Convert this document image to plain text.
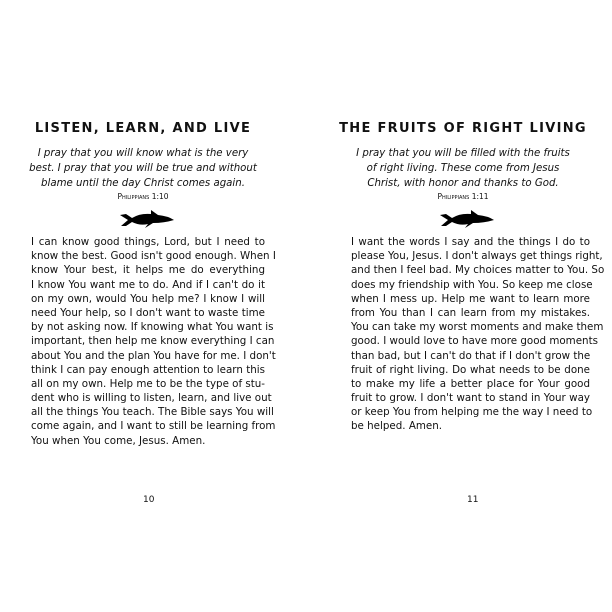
LISTEN, LEARN, AND LIVE
I pray that you will know what is the very
best. I pray that you will be true and without
blame until the day Christ comes again.
Philippians 1:10
I can know good things, Lord, but I need to
know the best. Good isn't good enough. When I
know Your best, it helps me do everything
I know You want me to do. And if I can't do it
on my own, would You help me? I know I will
need Your help, so I don't want to waste time
by not asking now. If knowing what You want is
important, then help me know everything I can
about You and the plan You have for me. I don't
think I can pay enough attention to learn this
all on my own. Help me to be the type of stu-
dent who is willing to listen, learn, and live out
all the things You teach. The Bible says You will
come again, and I want to still be learning from
You when You come, Jesus. Amen.
10
THE FRUITS OF RIGHT LIVING
I pray that you will be filled with the fruits
of right living. These come from Jesus
Christ, with honor and thanks to God.
Philippians 1:11
I want the words I say and the things I do to
please You, Jesus. I don't always get things right,
and then I feel bad. My choices matter to You. So
does my friendship with You. So keep me close
when I mess up. Help me want to learn more
from You than I can learn from my mistakes.
You can take my worst moments and make them
good. I would love to have more good moments
than bad, but I can't do that if I don't grow the
fruit of right living. Do what needs to be done
to make my life a better place for Your good
fruit to grow. I don't want to stand in Your way
or keep You from helping me the way I need to
be helped. Amen.
11
